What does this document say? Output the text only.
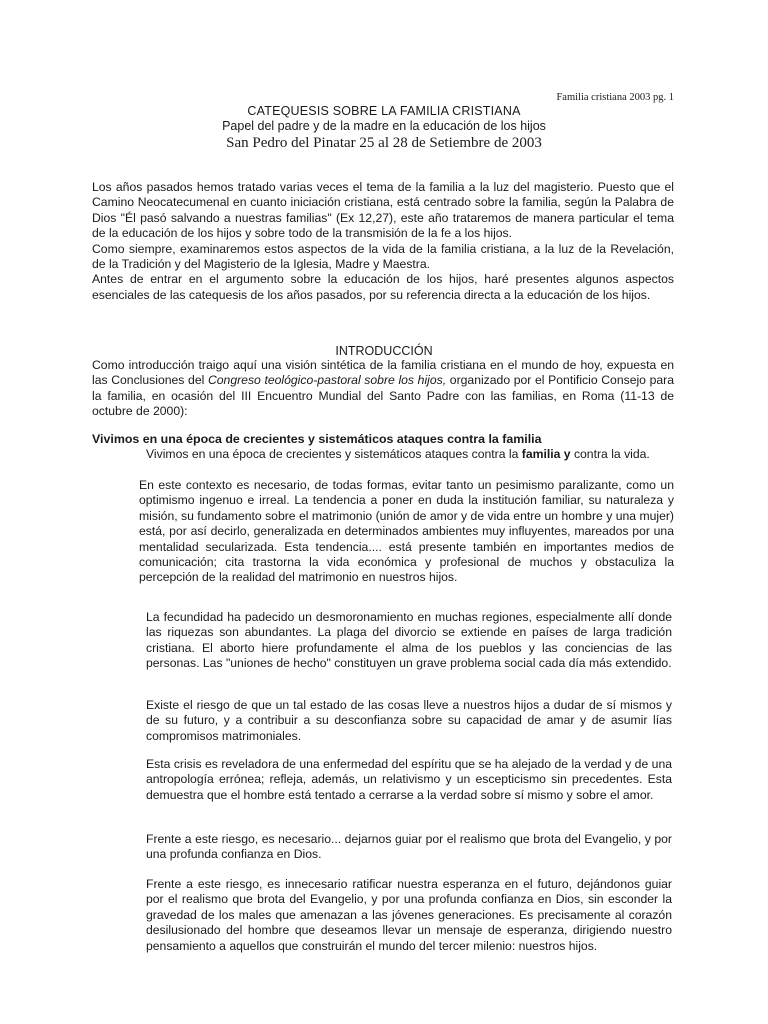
Familia cristiana 2003 pg. 1
CATEQUESIS SOBRE LA FAMILIA CRISTIANA
Papel del padre y de la madre en la educación de los hijos
San Pedro del Pinatar 25 al 28 de Setiembre de 2003

Los años pasados hemos tratado varias veces el tema de la familia a la luz del magisterio. Puesto que el Camino Neocatecumenal en cuanto iniciación cristiana, está centrado sobre la familia, según la Palabra de Dios "Él pasó salvando a nuestras familias" (Ex 12,27), este año trataremos de manera particular el tema de la educación de los hijos y sobre todo de la transmisión de la fe a los hijos.
Como siempre, examinaremos estos aspectos de la vida de la familia cristiana, a la luz de la Revelación, de la Tradición y del Magisterio de la Iglesia, Madre y Maestra.
Antes de entrar en el argumento sobre la educación de los hijos, haré presentes algunos aspectos esenciales de las catequesis de los años pasados, por su referencia directa a la educación de los hijos.

INTRODUCCIÓN

Como introducción traigo aquí una visión sintética de la familia cristiana en el mundo de hoy, expuesta en las Conclusiones del Congreso teológico-pastoral sobre los hijos, organizado por el Pontificio Consejo para la familia, en ocasión del III Encuentro Mundial del Santo Padre con las familias, en Roma (11-13 de octubre de 2000):

Vivimos en una época de crecientes y sistemáticos ataques contra la familia

Vivimos en una época de crecientes y sistemáticos ataques contra la familia y contra la vida.

En este contexto es necesario, de todas formas, evitar tanto un pesimismo paralizante, como un optimismo ingenuo e irreal. La tendencia a poner en duda la institución familiar, su naturaleza y misión, su fundamento sobre el matrimonio (unión de amor y de vida entre un hombre y una mujer) está, por así decirlo, generalizada en determinados ambientes muy influyentes, mareados por una mentalidad secularizada. Esta tendencia.... está presente también en importantes medios de comunicación; cita trastorna la vida económica y profesional de muchos y obstaculiza la percepción de la realidad del matrimonio en nuestros hijos.

La fecundidad ha padecido un desmoronamiento en muchas regiones, especialmente allí donde las riquezas son abundantes. La plaga del divorcio se extiende en países de larga tradición cristiana. El aborto hiere profundamente el alma de los pueblos y las conciencias de las personas. Las "uniones de hecho" constituyen un grave problema social cada día más extendido.

Existe el riesgo de que un tal estado de las cosas lleve a nuestros hijos a dudar de sí mismos y de su futuro, y a contribuir a su desconfianza sobre su capacidad de amar y de asumir lías compromisos matrimoniales.

Esta crisis es reveladora de una enfermedad del espíritu que se ha alejado de la verdad y de una antropología errónea; refleja, además, un relativismo y un escepticismo sin precedentes. Esta demuestra que el hombre está tentado a cerrarse a la verdad sobre sí mismo y sobre el amor.

Frente a este riesgo, es necesario... dejarnos guiar por el realismo que brota del Evangelio, y por una profunda confianza en Dios.

Frente a este riesgo, es innecesario ratificar nuestra esperanza en el futuro, dejándonos guiar por el realismo que brota del Evangelio, y por una profunda confianza en Dios, sin esconder la gravedad de los males que amenazan a las jóvenes generaciones. Es precisamente al corazón desilusionado del hombre que deseamos llevar un mensaje de esperanza, dirigiendo nuestro pensamiento a aquellos que construirán el mundo del tercer milenio: nuestros hijos.
